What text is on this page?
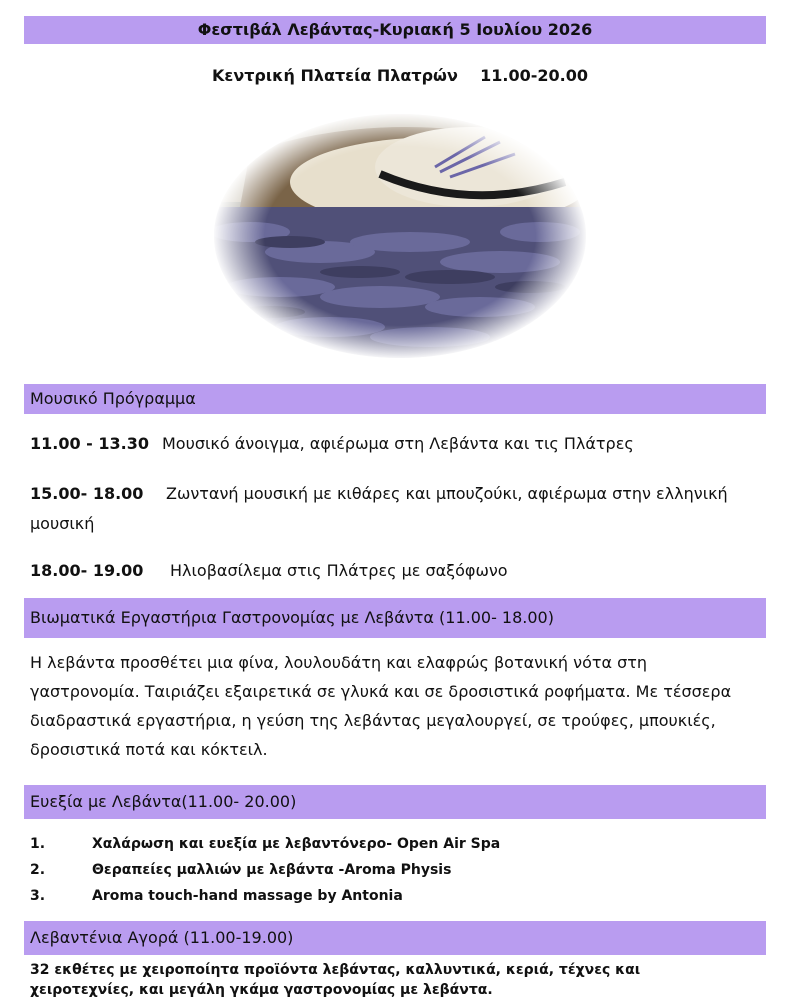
Φεστιβάλ Λεβάντας-Κυριακή 5 Ιουλίου 2026
Κεντρική Πλατεία Πλατρών 11.00-20.00
Μουσικό Πρόγραμμα
11.00 - 13.30 Μουσικό άνοιγμα, αφιέρωμα στη Λεβάντα και τις Πλάτρες
15.00- 18.00 Ζωντανή μουσική με κιθάρες και μπουζούκι, αφιέρωμα στην ελληνική
μουσική
18.00- 19.00 Ηλιοβασίλεμα στις Πλάτρες με σαξόφωνο
Βιωματικά Εργαστήρια Γαστρονομίας με Λεβάντα (11.00- 18.00)
Η λεβάντα προσθέτει μια φίνα, λουλουδάτη και ελαφρώς βοτανική νότα στη
γαστρονομία. Ταιριάζει εξαιρετικά σε γλυκά και σε δροσιστικά ροφήματα. Με τέσσερα
διαδραστικά εργαστήρια, η γεύση της λεβάντας μεγαλουργεί, σε τρούφες, μπουκιές,
δροσιστικά ποτά και κόκτειλ.
Ευεξία με Λεβάντα(11.00- 20.00)
1.	Χαλάρωση και ευεξία με λεβαντόνερο- Open Air Spa
2.	Θεραπείες μαλλιών με λεβάντα -Aroma Physis
3.	Aroma touch-hand massage by Antonia
Λεβαντένια Αγορά (11.00-19.00)
32 εκθέτες με χειροποίητα προϊόντα λεβάντας, καλλυντικά, κεριά, τέχνες και
χειροτεχνίες, και μεγάλη γκάμα γαστρονομίας με λεβάντα.
